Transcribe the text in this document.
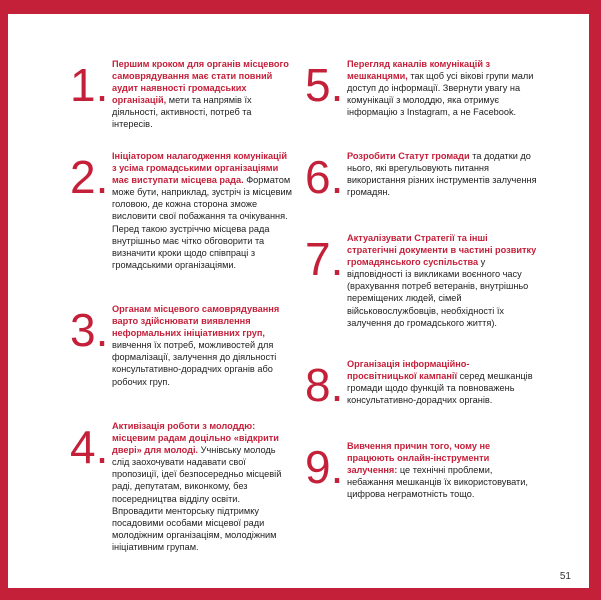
1. Першим кроком для органів місцевого самоврядування має стати повний аудит наявності громадських організацій, мети та напрямів їх діяльності, активності, потреб та інтересів.
2. Ініціатором налагодження комунікацій з усіма громадськими організаціями має виступати місцева рада. Форматом може бути, наприклад, зустріч із місцевим головою, де кожна сторона зможе висловити свої побажання та очікування. Перед такою зустріччю місцева рада внутрішньо має чітко обговорити та визначити кроки щодо співпраці з громадськими організаціями.
3. Органам місцевого самоврядування варто здійснювати виявлення неформальних ініціативних груп, вивчення їх потреб, можливостей для формалізації, залучення до діяльності консультативно-дорадчих органів або робочих груп.
4. Активізація роботи з молоддю: місцевим радам доцільно «відкрити двері» для молоді. Учнівську молодь слід заохочувати надавати свої пропозиції, ідеї безпосередньо місцевій раді, депутатам, виконкому, без посередництва відділу освіти. Впровадити менторську підтримку посадовими особами місцевої ради молодіжним організаціям, молодіжним ініціативним групам.
5. Перегляд каналів комунікацій з мешканцями, так щоб усі вікові групи мали доступ до інформації. Звернути увагу на комунікації з молоддю, яка отримує інформацію з Instagram, а не Facebook.
6. Розробити Статут громади та додатки до нього, які врегульовують питання використання різних інструментів залучення громадян.
7. Актуалізувати Стратегії та інші стратегічні документи в частині розвитку громадянського суспільства у відповідності із викликами воєнного часу (врахування потреб ветеранів, внутрішньо переміщених людей, сімей військовослужбовців, необхідності їх залучення до громадського життя).
8. Організація інформаційно-просвітницької кампанії серед мешканців громади щодо функцій та повноважень консультативно-дорадчих органів.
9. Вивчення причин того, чому не працюють онлайн-інструменти залучення: це технічні проблеми, небажання мешканців їх використовувати, цифрова неграмотність тощо.
51
